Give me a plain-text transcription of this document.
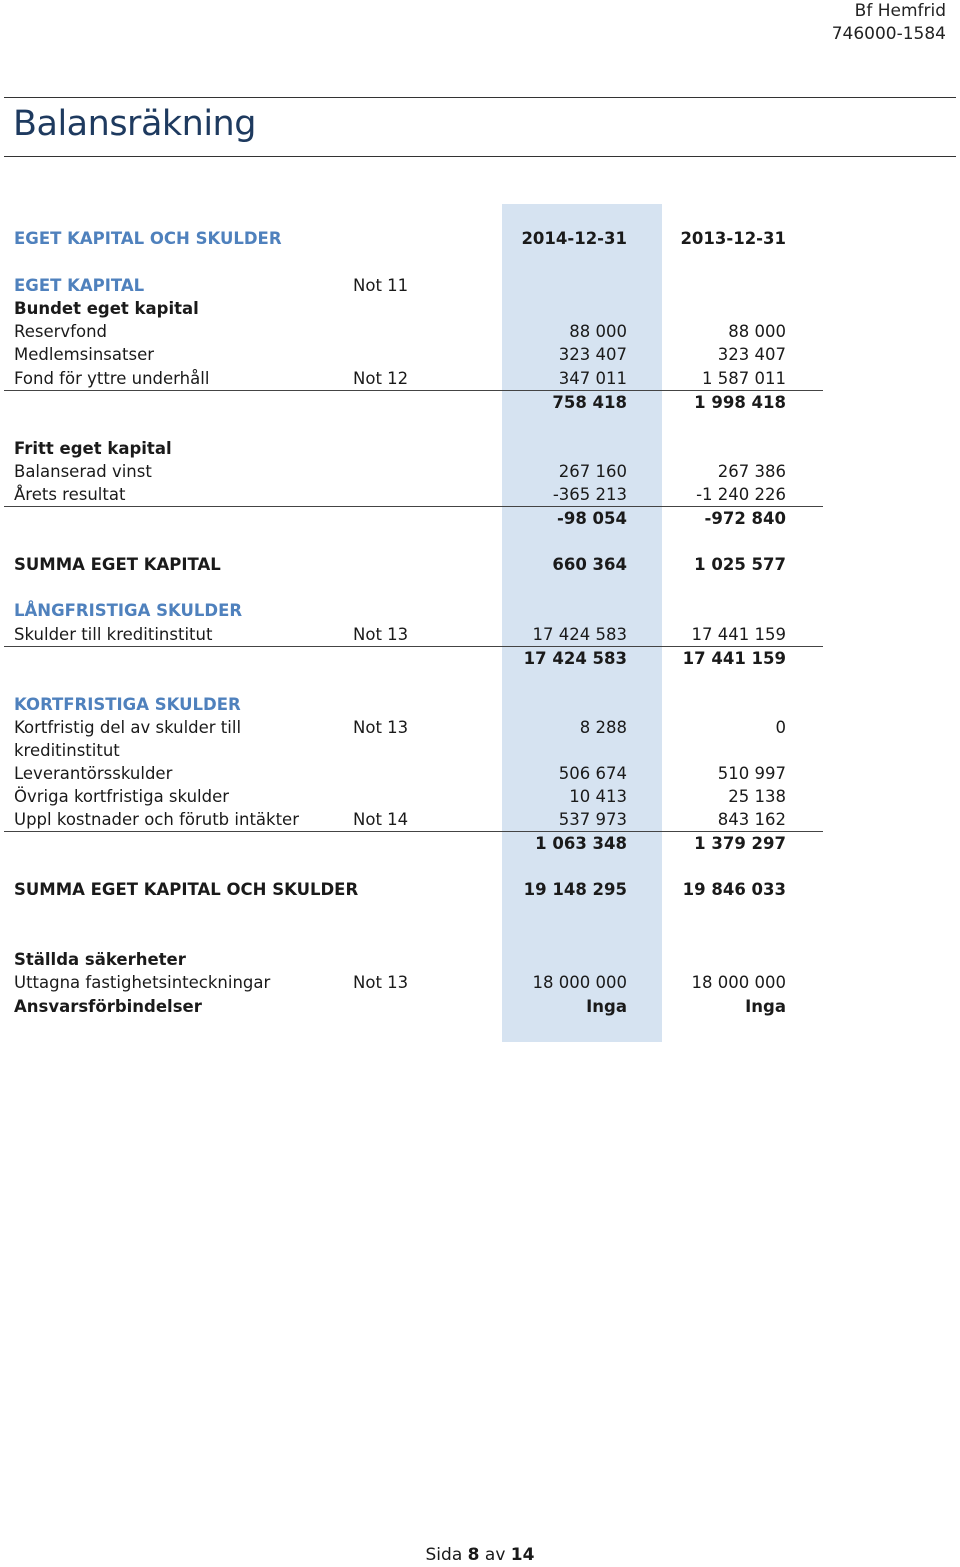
Bf Hemfrid
746000-1584
Balansräkning
EGET KAPITAL OCH SKULDER	2014-12-31	2013-12-31
EGET KAPITAL	Not 11
Bundet eget kapital
Reservfond	88 000	88 000
Medlemsinsatser	323 407	323 407
Fond för yttre underhåll	Not 12	347 011	1 587 011
758 418	1 998 418
Fritt eget kapital
Balanserad vinst	267 160	267 386
Årets resultat	-365 213	-1 240 226
-98 054	-972 840
SUMMA EGET KAPITAL	660 364	1 025 577
LÅNGFRISTIGA SKULDER
Skulder till kreditinstitut	Not 13	17 424 583	17 441 159
17 424 583	17 441 159
KORTFRISTIGA SKULDER
Kortfristig del av skulder till kreditinstitut
Not 13	8 288	0
Leverantörsskulder	506 674	510 997
Övriga kortfristiga skulder	10 413	25 138
Uppl kostnader och förutb intäkter	Not 14	537 973	843 162
1 063 348	1 379 297
SUMMA EGET KAPITAL OCH SKULDER	19 148 295	19 846 033
Ställda säkerheter
Uttagna fastighetsinteckningar	Not 13	18 000 000	18 000 000
Ansvarsförbindelser	Inga	Inga
Sida 8 av 14
